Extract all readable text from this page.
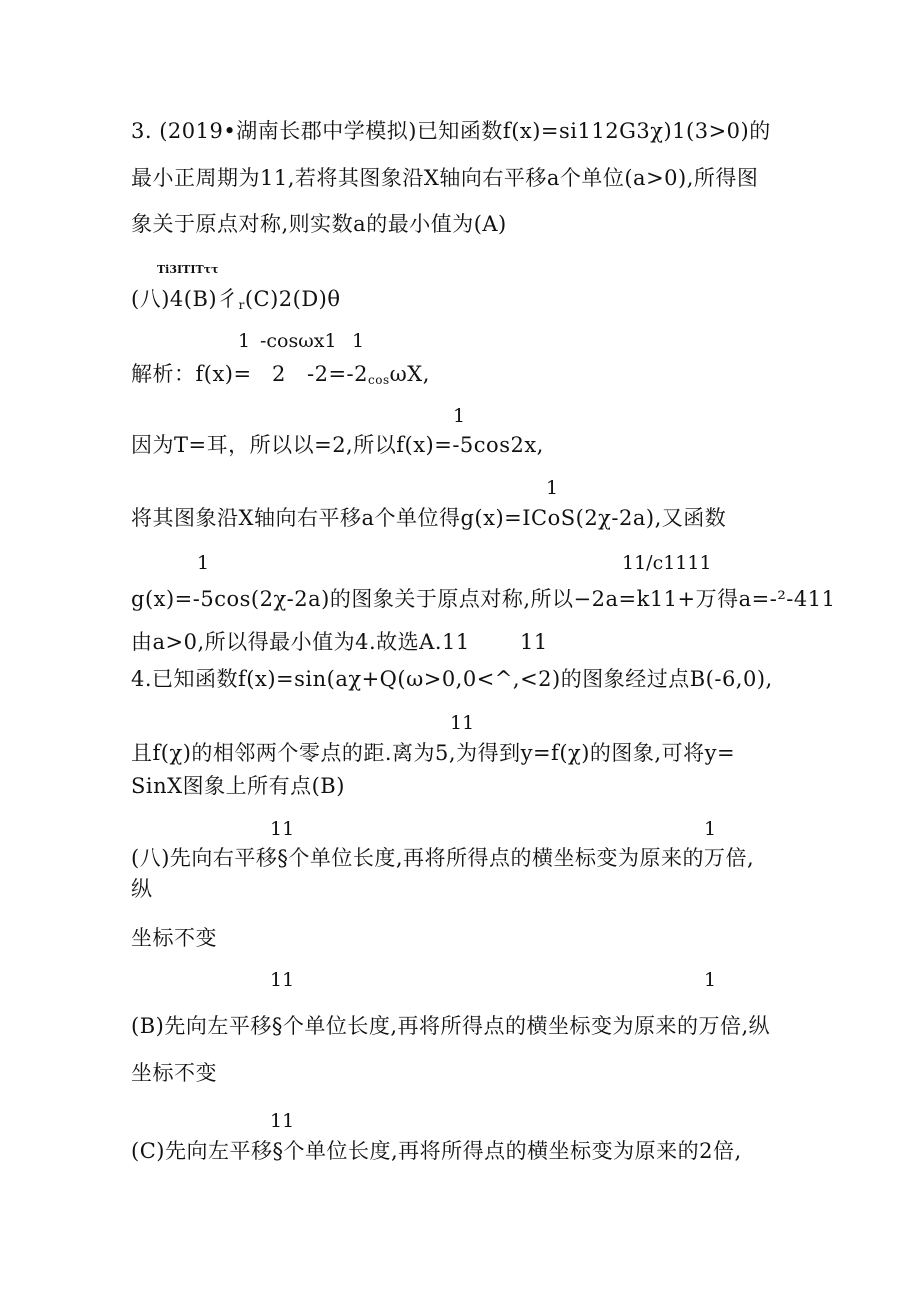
3. (2019•湖南长郡中学模拟)已知函数f(x)=si112G3χ)1(3>0)的
最小正周期为11,若将其图象沿X轴向右平移a个单位(a>0),所得图
象关于原点对称,则实数a的最小值为(A)
Ti3ITITττ
(八)4(B)彳$_r$(C)2(D)θ
1 -cosωx1 1
解析：f(x)= 2 $-2=-2_{cos}\omega X$,
1
因为T=耳，所以以=2,所以f(x)=-5cos2x,
1
将其图象沿X轴向右平移a个单位得g(x)=ICoS(2χ-2a),又函数
1	11∕c1111
g(x)=-5cos(2χ-2a)的图象关于原点对称,所以−2a=k11+万得a=-²-411
由a>0,所以得最小值为4.故选A.11 11
4.已知函数f(x)=sin(aχ+Q(ω>0,0<^,<2)的图象经过点B(-6,0),
11
且f(χ)的相邻两个零点的距.离为5,为得到y=f(χ)的图象,可将y=
SinX图象上所有点(B)
11	1
(八)先向右平移§个单位长度,再将所得点的横坐标变为原来的万倍,
纵
坐标不变
11	1
(B)先向左平移§个单位长度,再将所得点的横坐标变为原来的万倍,纵
坐标不变
11
(C)先向左平移§个单位长度,再将所得点的横坐标变为原来的2倍,
